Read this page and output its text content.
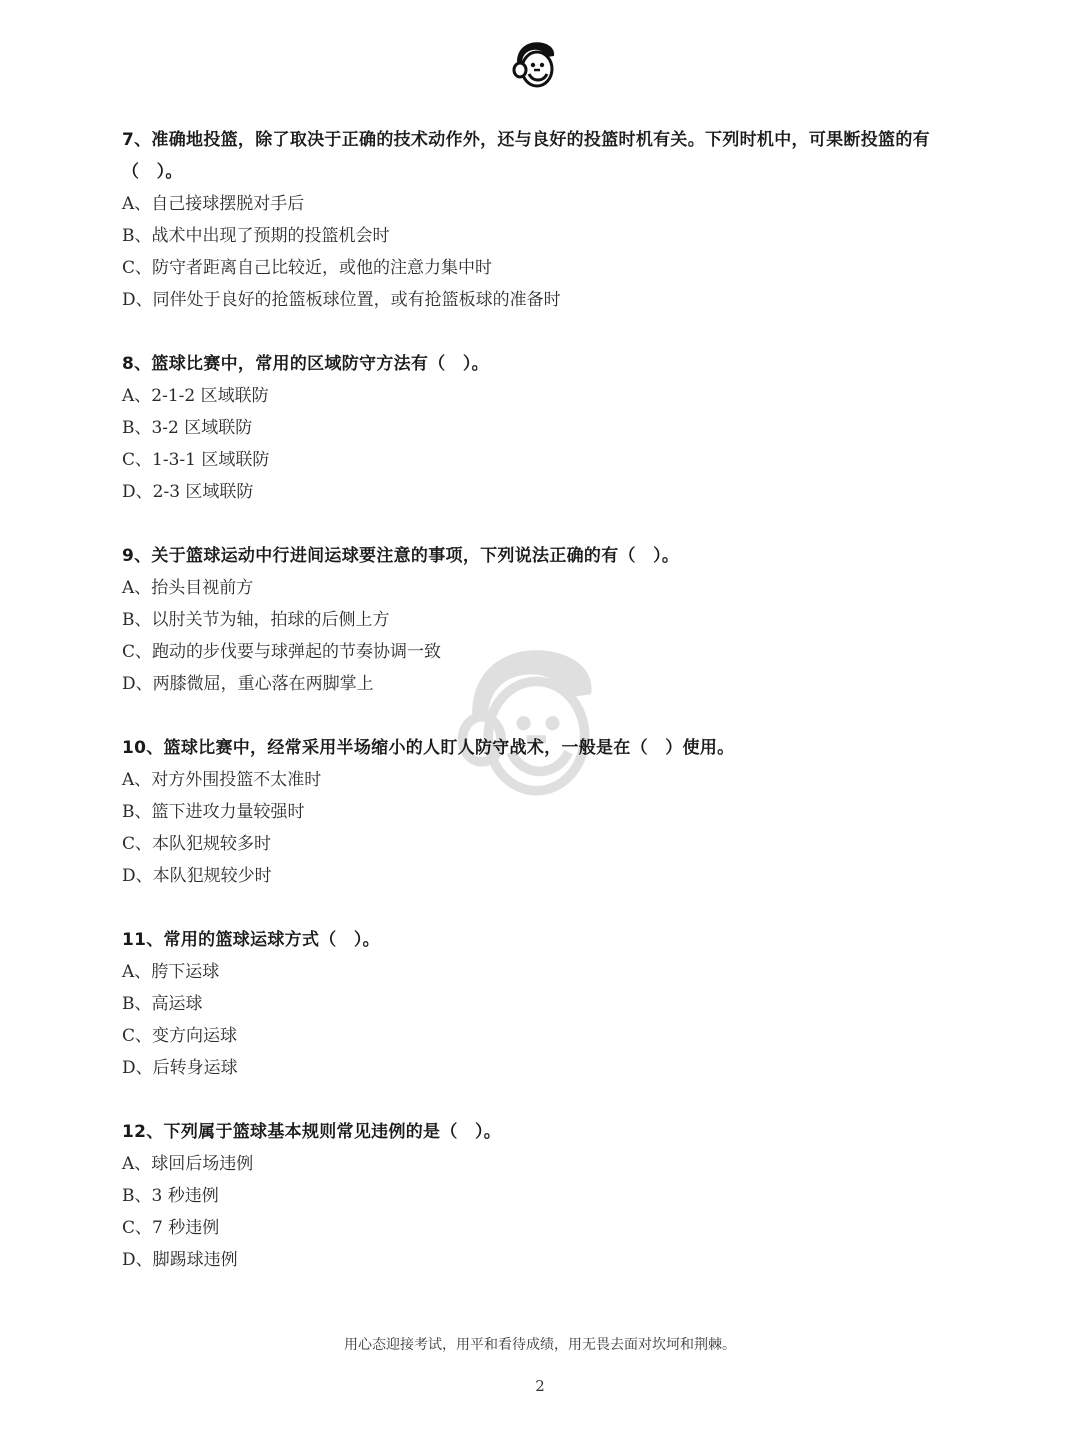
7、准确地投篮，除了取决于正确的技术动作外，还与良好的投篮时机有关。下列时机中，可果断投篮的有（　）。

A、自己接球摆脱对手后

B、战术中出现了预期的投篮机会时

C、防守者距离自己比较近，或他的注意力集中时

D、同伴处于良好的抢篮板球位置，或有抢篮板球的准备时

8、篮球比赛中，常用的区域防守方法有（　）。

A、2-1-2 区域联防

B、3-2 区域联防

C、1-3-1 区域联防

D、2-3 区域联防

9、关于篮球运动中行进间运球要注意的事项，下列说法正确的有（　）。

A、抬头目视前方

B、以肘关节为轴，拍球的后侧上方

C、跑动的步伐要与球弹起的节奏协调一致

D、两膝微屈，重心落在两脚掌上

10、篮球比赛中，经常采用半场缩小的人盯人防守战术，一般是在（　）使用。

A、对方外围投篮不太准时

B、篮下进攻力量较强时

C、本队犯规较多时

D、本队犯规较少时

11、常用的篮球运球方式（　）。

A、胯下运球

B、高运球

C、变方向运球

D、后转身运球

12、下列属于篮球基本规则常见违例的是（　）。

A、球回后场违例

B、3 秒违例

C、7 秒违例

D、脚踢球违例

用心态迎接考试，用平和看待成绩，用无畏去面对坎坷和荆棘。
2
